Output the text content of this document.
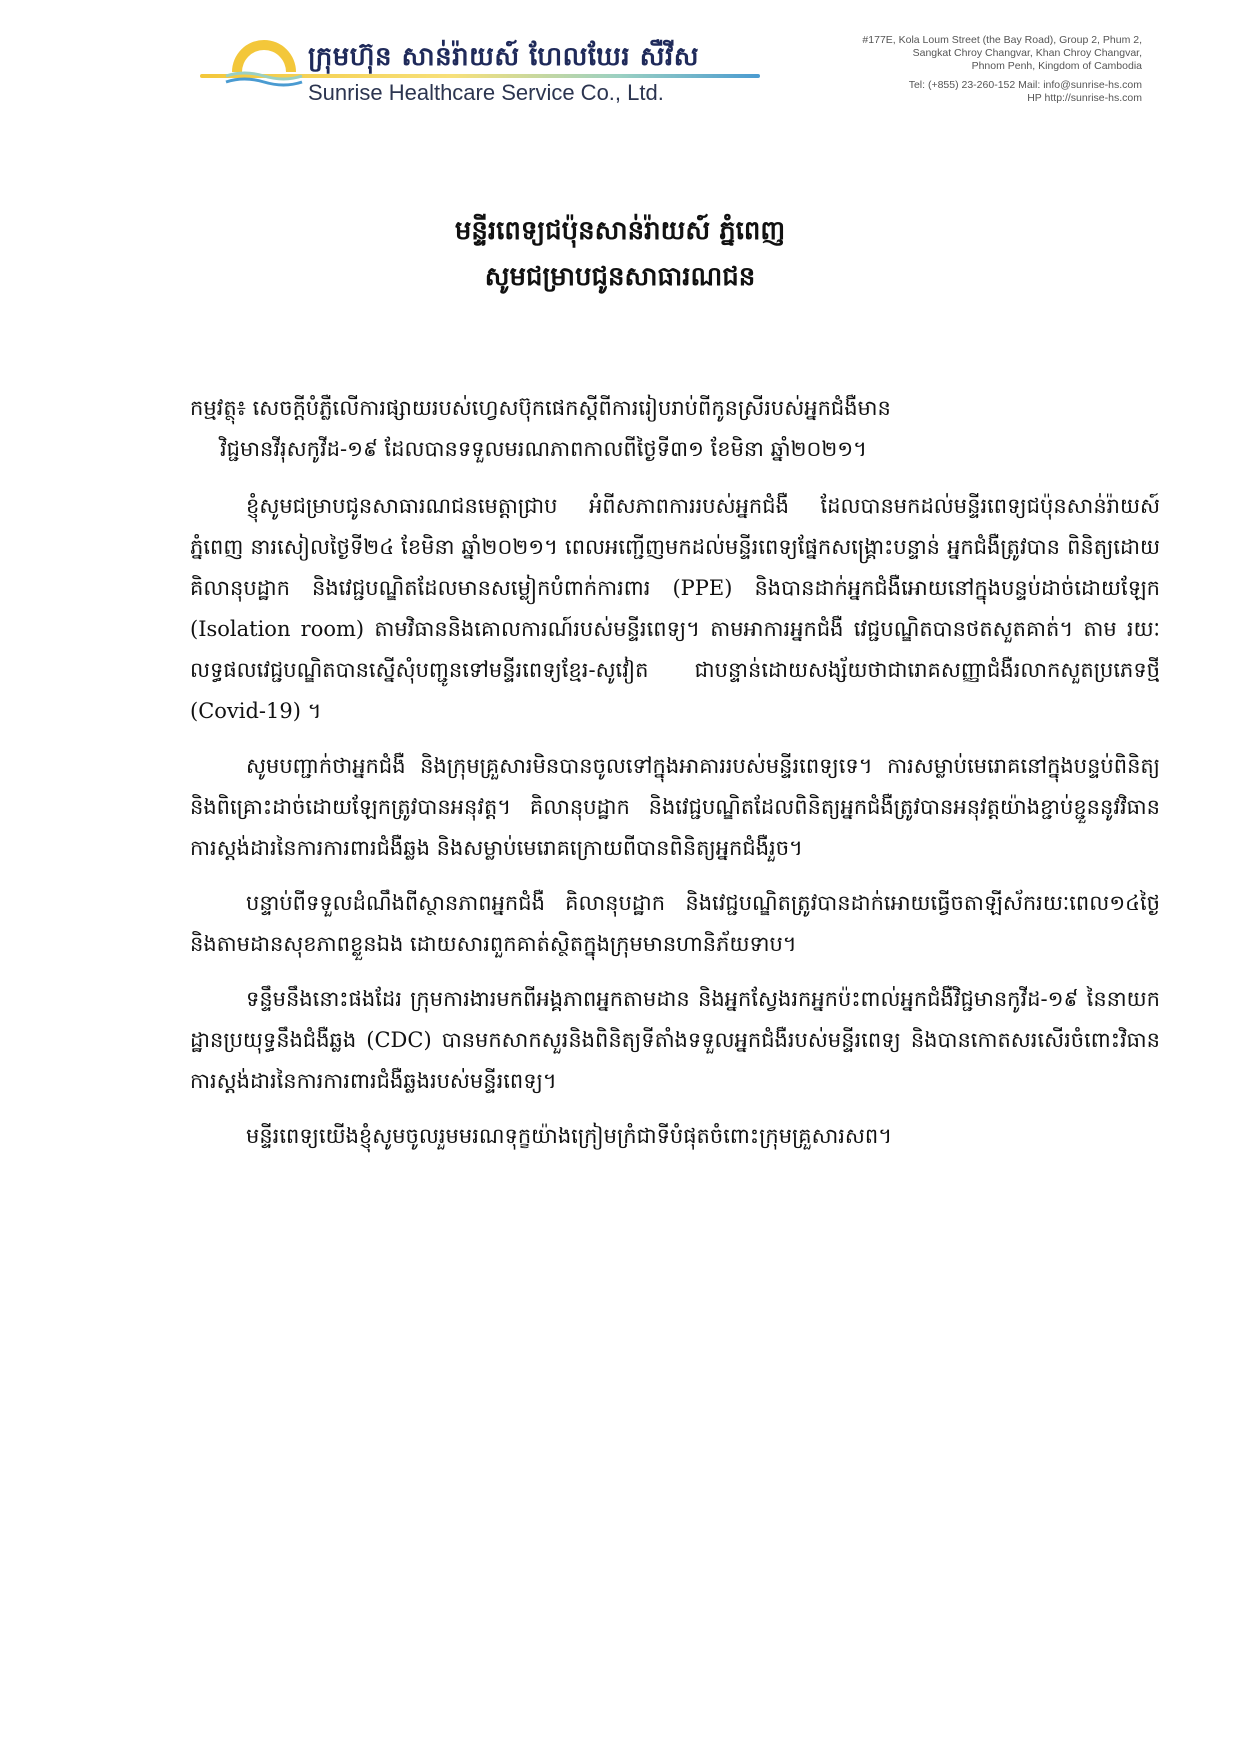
ក្រុមហ៊ុន សាន់រ៉ាយស៍ ហែលឃែរ សឺវីស
Sunrise Healthcare Service Co., Ltd.
#177E, Kola Loum Street (the Bay Road), Group 2, Phum 2,
Sangkat Chroy Changvar, Khan Chroy Changvar,
Phnom Penh, Kingdom of Cambodia
Tel: (+855) 23-260-152 Mail: info@sunrise-hs.com
HP http://sunrise-hs.com
មន្ទីរពេទ្យជប៉ុនសាន់រ៉ាយស៍ ភ្នំពេញ
សូមជម្រាបជូនសាធារណជន
កម្មវត្ថុ៖ សេចក្តីបំភ្លឺលើការផ្សាយរបស់ហ្វេសប៊ុកផេកស្តីពីការរៀបរាប់ពីកូនស្រីរបស់អ្នកជំងឺមាន
វិជ្ជមានវីរុសកូវីដ-១៩ ដែលបានទទួលមរណភាពកាលពីថ្ងៃទី៣១ ខែមិនា ឆ្នាំ២០២១។

ខ្ញុំសូមជម្រាបជូនសាធារណជនមេត្តាជ្រាប អំពីសភាពការរបស់អ្នកជំងឺ ដែលបានមកដល់មន្ទីរពេទ្យជប៉ុនសាន់រ៉ាយស៍ ភ្នំពេញ នារសៀលថ្ងៃទី២៤ ខែមិនា ឆ្នាំ២០២១។ ពេលអញ្ជើញមកដល់មន្ទីរពេទ្យផ្នែកសង្គ្រោះបន្ទាន់ អ្នកជំងឺត្រូវបាន ពិនិត្យដោយគិលានុបដ្ឋាក និងវេជ្ជបណ្ឌិតដែលមានសម្លៀកបំពាក់ការពារ (PPE) និងបានដាក់អ្នកជំងឺអោយនៅក្នុងបន្ទប់ដាច់ដោយឡែក (Isolation room) តាមវិធាននិងគោលការណ៍របស់មន្ទីរពេទ្យ។ តាមអាការអ្នកជំងឺ វេជ្ជបណ្ឌិតបានថតសួតគាត់។ តាម រយៈលទ្ធផលវេជ្ជបណ្ឌិតបានស្នើសុំបញ្ជូនទៅមន្ទីរពេទ្យខ្មែរ-សូវៀត ជាបន្ទាន់ដោយសង្ស័យថាជារោគសញ្ញាជំងឺរលាកសួតប្រភេទថ្មី (Covid-19) ។

សូមបញ្ជាក់ថាអ្នកជំងឺ និងក្រុមគ្រួសារមិនបានចូលទៅក្នុងអាគាររបស់មន្ទីរពេទ្យទេ។ ការសម្លាប់មេរោគនៅក្នុងបន្ទប់ពិនិត្យ និងពិគ្រោះដាច់ដោយឡែកត្រូវបានអនុវត្ត។ គិលានុបដ្ឋាក និងវេជ្ជបណ្ឌិតដែលពិនិត្យអ្នកជំងឺត្រូវបានអនុវត្តយ៉ាងខ្ជាប់ខ្ជួននូវវិធានការស្តង់ដារនៃការការពារជំងឺឆ្លង និងសម្លាប់មេរោគក្រោយពីបានពិនិត្យអ្នកជំងឺរួច។

បន្ទាប់ពីទទួលដំណឹងពីស្ថានភាពអ្នកជំងឺ គិលានុបដ្ឋាក និងវេជ្ជបណ្ឌិតត្រូវបានដាក់អោយធ្វើចតាឡីស័ករយៈពេល១៤ថ្ងៃ និងតាមដានសុខភាពខ្លួនឯង ដោយសារពួកគាត់ស្ថិតក្នុងក្រុមមានហានិភ័យទាប។

ទន្ទឹមនឹងនោះផងដែរ ក្រុមការងារមកពីអង្គភាពអ្នកតាមដាន និងអ្នកស្វែងរកអ្នកប៉ះពាល់អ្នកជំងឺវិជ្ជមានកូវីដ-១៩ នៃនាយកដ្ឋានប្រយុទ្ធនឹងជំងឺឆ្លង (CDC) បានមកសាកសួរនិងពិនិត្យទីតាំងទទួលអ្នកជំងឺរបស់មន្ទីរពេទ្យ និងបានកោតសរសើរចំពោះវិធានការស្តង់ដារនៃការការពារជំងឺឆ្លងរបស់មន្ទីរពេទ្យ។

មន្ទីរពេទ្យយើងខ្ញុំសូមចូលរួមមរណទុក្ខយ៉ាងក្រៀមក្រំជាទីបំផុតចំពោះក្រុមគ្រួសារសព។
